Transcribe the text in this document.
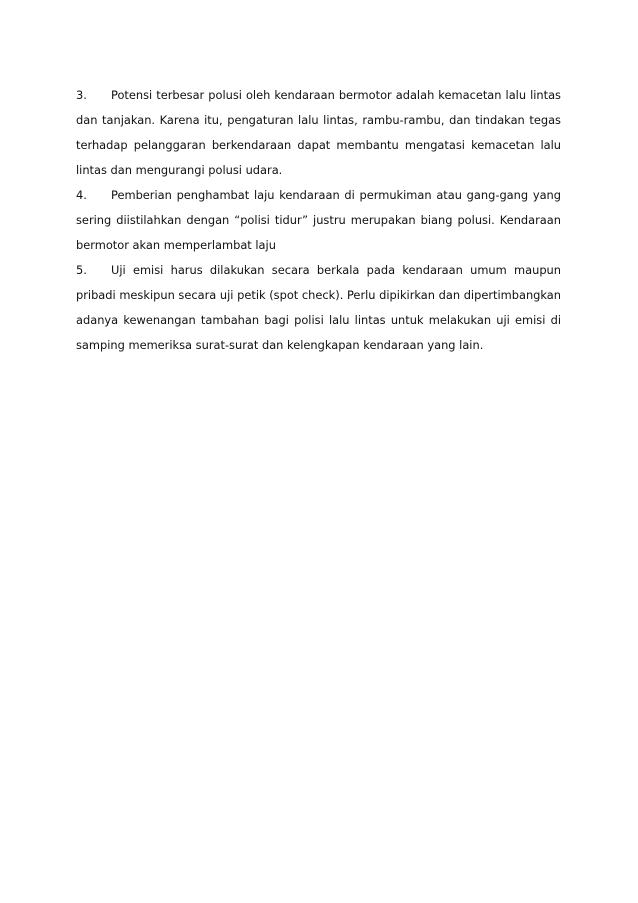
3. Potensi terbesar polusi oleh kendaraan bermotor adalah kemacetan lalu lintas dan tanjakan. Karena itu, pengaturan lalu lintas, rambu-rambu, dan tindakan tegas terhadap pelanggaran berkendaraan dapat membantu mengatasi kemacetan lalu lintas dan mengurangi polusi udara.

4. Pemberian penghambat laju kendaraan di permukiman atau gang-gang yang sering diistilahkan dengan “polisi tidur” justru merupakan biang polusi. Kendaraan bermotor akan memperlambat laju

5. Uji emisi harus dilakukan secara berkala pada kendaraan umum maupun pribadi meskipun secara uji petik (spot check). Perlu dipikirkan dan dipertimbangkan adanya kewenangan tambahan bagi polisi lalu lintas untuk melakukan uji emisi di samping memeriksa surat-surat dan kelengkapan kendaraan yang lain.
